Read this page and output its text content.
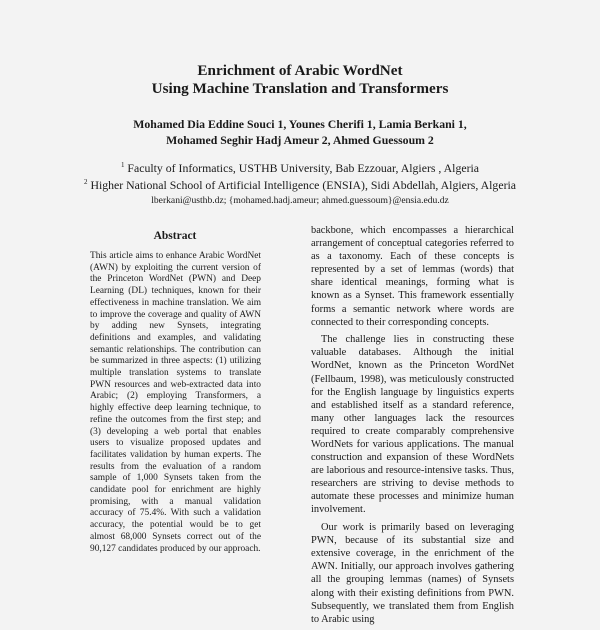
Enrichment of Arabic WordNet
Using Machine Translation and Transformers
Mohamed Dia Eddine Souci 1, Younes Cherifi 1, Lamia Berkani 1,
Mohamed Seghir Hadj Ameur 2, Ahmed Guessoum 2
$^1$ Faculty of Informatics, USTHB University, Bab Ezzouar, Algiers , Algeria
$^2$ Higher National School of Artificial Intelligence (ENSIA), Sidi Abdellah, Algiers, Algeria
lberkani@usthb.dz; {mohamed.hadj.ameur; ahmed.guessoum}@ensia.edu.dz
Abstract

This article aims to enhance Arabic WordNet (AWN) by exploiting the current version of the Princeton WordNet (PWN) and Deep Learning (DL) techniques, known for their effectiveness in machine translation. We aim to improve the coverage and quality of AWN by adding new Synsets, integrating definitions and examples, and validating semantic relationships. The contribution can be summarized in three aspects: (1) utilizing multiple translation systems to translate PWN resources and web-extracted data into Arabic; (2) employing Transformers, a highly effective deep learning technique, to refine the outcomes from the first step; and (3) developing a web portal that enables users to visualize proposed updates and facilitates validation by human experts. The results from the evaluation of a random sample of 1,000 Synsets taken from the candidate pool for enrichment are highly promising, with a manual validation accuracy of 75.4%. With such a validation accuracy, the potential would be to get almost 68,000 Synsets correct out of the 90,127 candidates produced by our approach.

backbone, which encompasses a hierarchical arrangement of conceptual categories referred to as a taxonomy. Each of these concepts is represented by a set of lemmas (words) that share identical meanings, forming what is known as a Synset. This framework essentially forms a semantic network where words are connected to their corresponding concepts.

The challenge lies in constructing these valuable databases. Although the initial WordNet, known as the Princeton WordNet (Fellbaum, 1998), was meticulously constructed for the English language by linguistics experts and established itself as a standard reference, many other languages lack the resources required to create comparably comprehensive WordNets for various applications. The manual construction and expansion of these WordNets are laborious and resource-intensive tasks. Thus, researchers are striving to devise methods to automate these processes and minimize human involvement.

Our work is primarily based on leveraging PWN, because of its substantial size and extensive coverage, in the enrichment of the AWN. Initially, our approach involves gathering all the grouping lemmas (names) of Synsets along with their existing definitions from PWN. Subsequently, we translated them from English to Arabic using
